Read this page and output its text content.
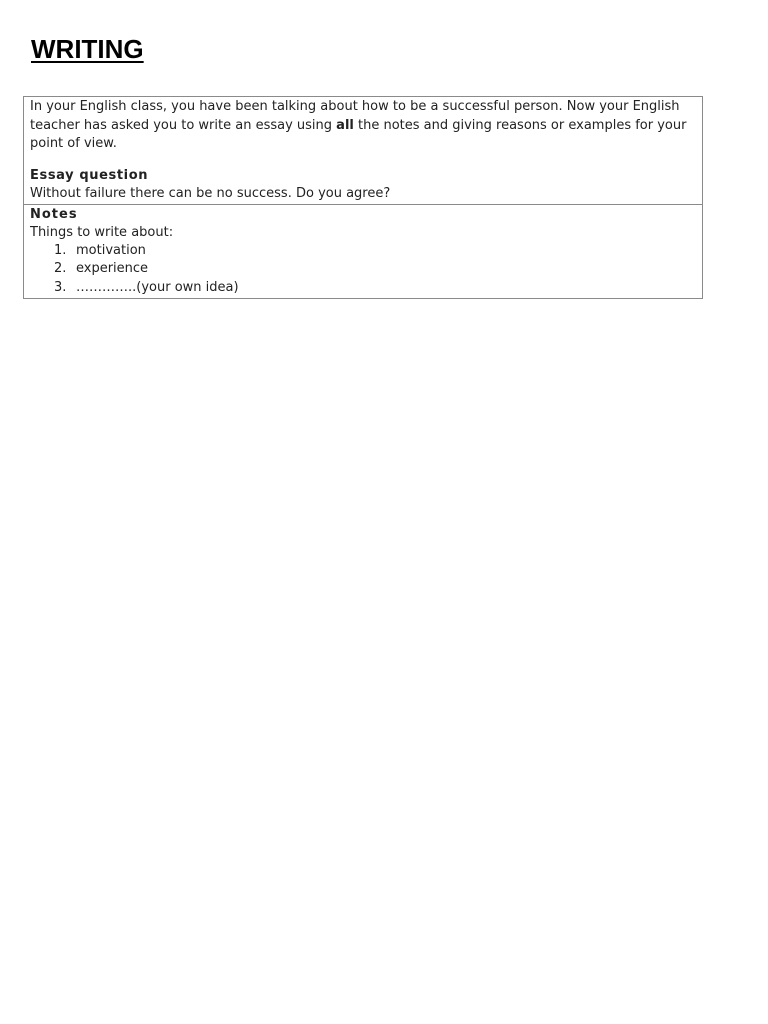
WRITING

In your English class, you have been talking about how to be a successful person. Now your English teacher has asked you to write an essay using all the notes and giving reasons or examples for your point of view.

Essay question

Without failure there can be no success. Do you agree?

Notes

Things to write about:

1. motivation
2. experience
3. …………..(your own idea)
